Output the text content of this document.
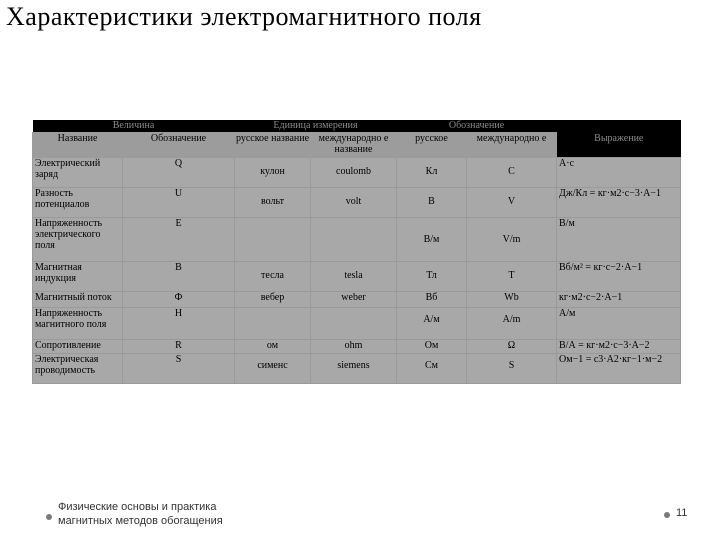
Характеристики электромагнитного поля
Величина		Единица измерения		Обозначение		Выражение
Название	Обозначение	русское название	международно е название	русское	международно е	
Электрический заряд	Q	кулон	coulomb	Кл	C	А·с
Разность потенциалов	U	вольт	volt	В	V	Дж/Кл = кг·м2·с−3·А−1
Напряженность электрического поля	E			В/м	V/m	В/м
Магнитная индукция	B	тесла	tesla	Тл	T	Вб/м² = кг·с−2·А−1
Магнитный поток	Ф	вебер	weber	Вб	Wb	кг·м2·с−2·А−1
Напряженность магнитного поля	H			А/м	A/m	А/м
Сопротивление	R	ом	ohm	Ом	Ω	В/А = кг·м2·с−3·А−2
Электрическая проводимость	S	сименс	siemens	См	S	Ом−1 = с3·А2·кг−1·м−2
Физические основы и практика
магнитных методов обогащения
11
